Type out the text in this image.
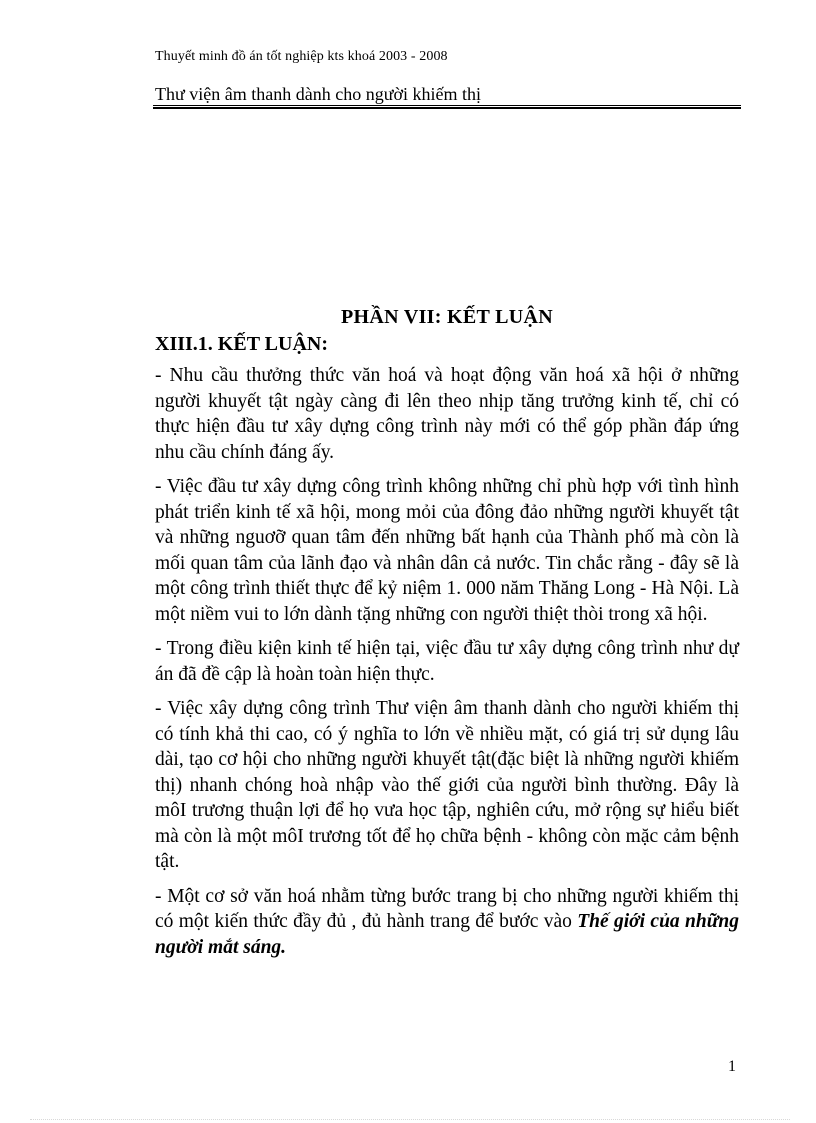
Thuyết minh đồ án tốt nghiệp kts khoá 2003 - 2008
Thư viện âm thanh dành cho người khiếm thị
PHẦN VII: KẾT LUẬN
XIII.1. KẾT LUẬN:

- Nhu cầu thưởng thức văn hoá và hoạt động văn hoá xã hội ở những người khuyết tật ngày càng đi lên theo nhịp tăng trưởng kinh tế, chỉ có thực hiện đầu tư xây dựng công trình này mới có thể góp phần đáp ứng nhu cầu chính đáng ấy.

- Việc đầu tư xây dựng công trình không những chỉ phù hợp với tình hình phát triển kinh tế xã hội, mong mỏi của đông đảo những người khuyết tật và những nguơỡ quan tâm đến những bất hạnh của Thành phố mà còn là mối quan tâm của lãnh đạo và nhân dân cả nước. Tin chắc rằng - đây sẽ là một công trình thiết thực để kỷ niệm 1. 000 năm Thăng Long - Hà Nội. Là một niềm vui to lớn dành tặng những con người thiệt thòi trong xã hội.

- Trong điều kiện kinh tế hiện tại, việc đầu tư xây dựng công trình như dự án đã đề cập là hoàn toàn hiện thực.

- Việc xây dựng công trình Thư viện âm thanh dành cho người khiếm thị có tính khả thi cao, có ý nghĩa to lớn về nhiều mặt, có giá trị sử dụng lâu dài, tạo cơ hội cho những người khuyết tật(đặc biệt là những người khiếm thị) nhanh chóng hoà nhập vào thế giới của người bình thường. Đây là môI trương thuận lợi để họ vưa học tập, nghiên cứu, mở rộng sự hiểu biết mà còn là một môI trương tốt để họ chữa bệnh - không còn mặc cảm bệnh tật.

- Một cơ sở văn hoá nhằm từng bước trang bị cho những người khiếm thị có một kiến thức đầy đủ , đủ hành trang để bước vào Thế giới của những người mắt sáng.

1
